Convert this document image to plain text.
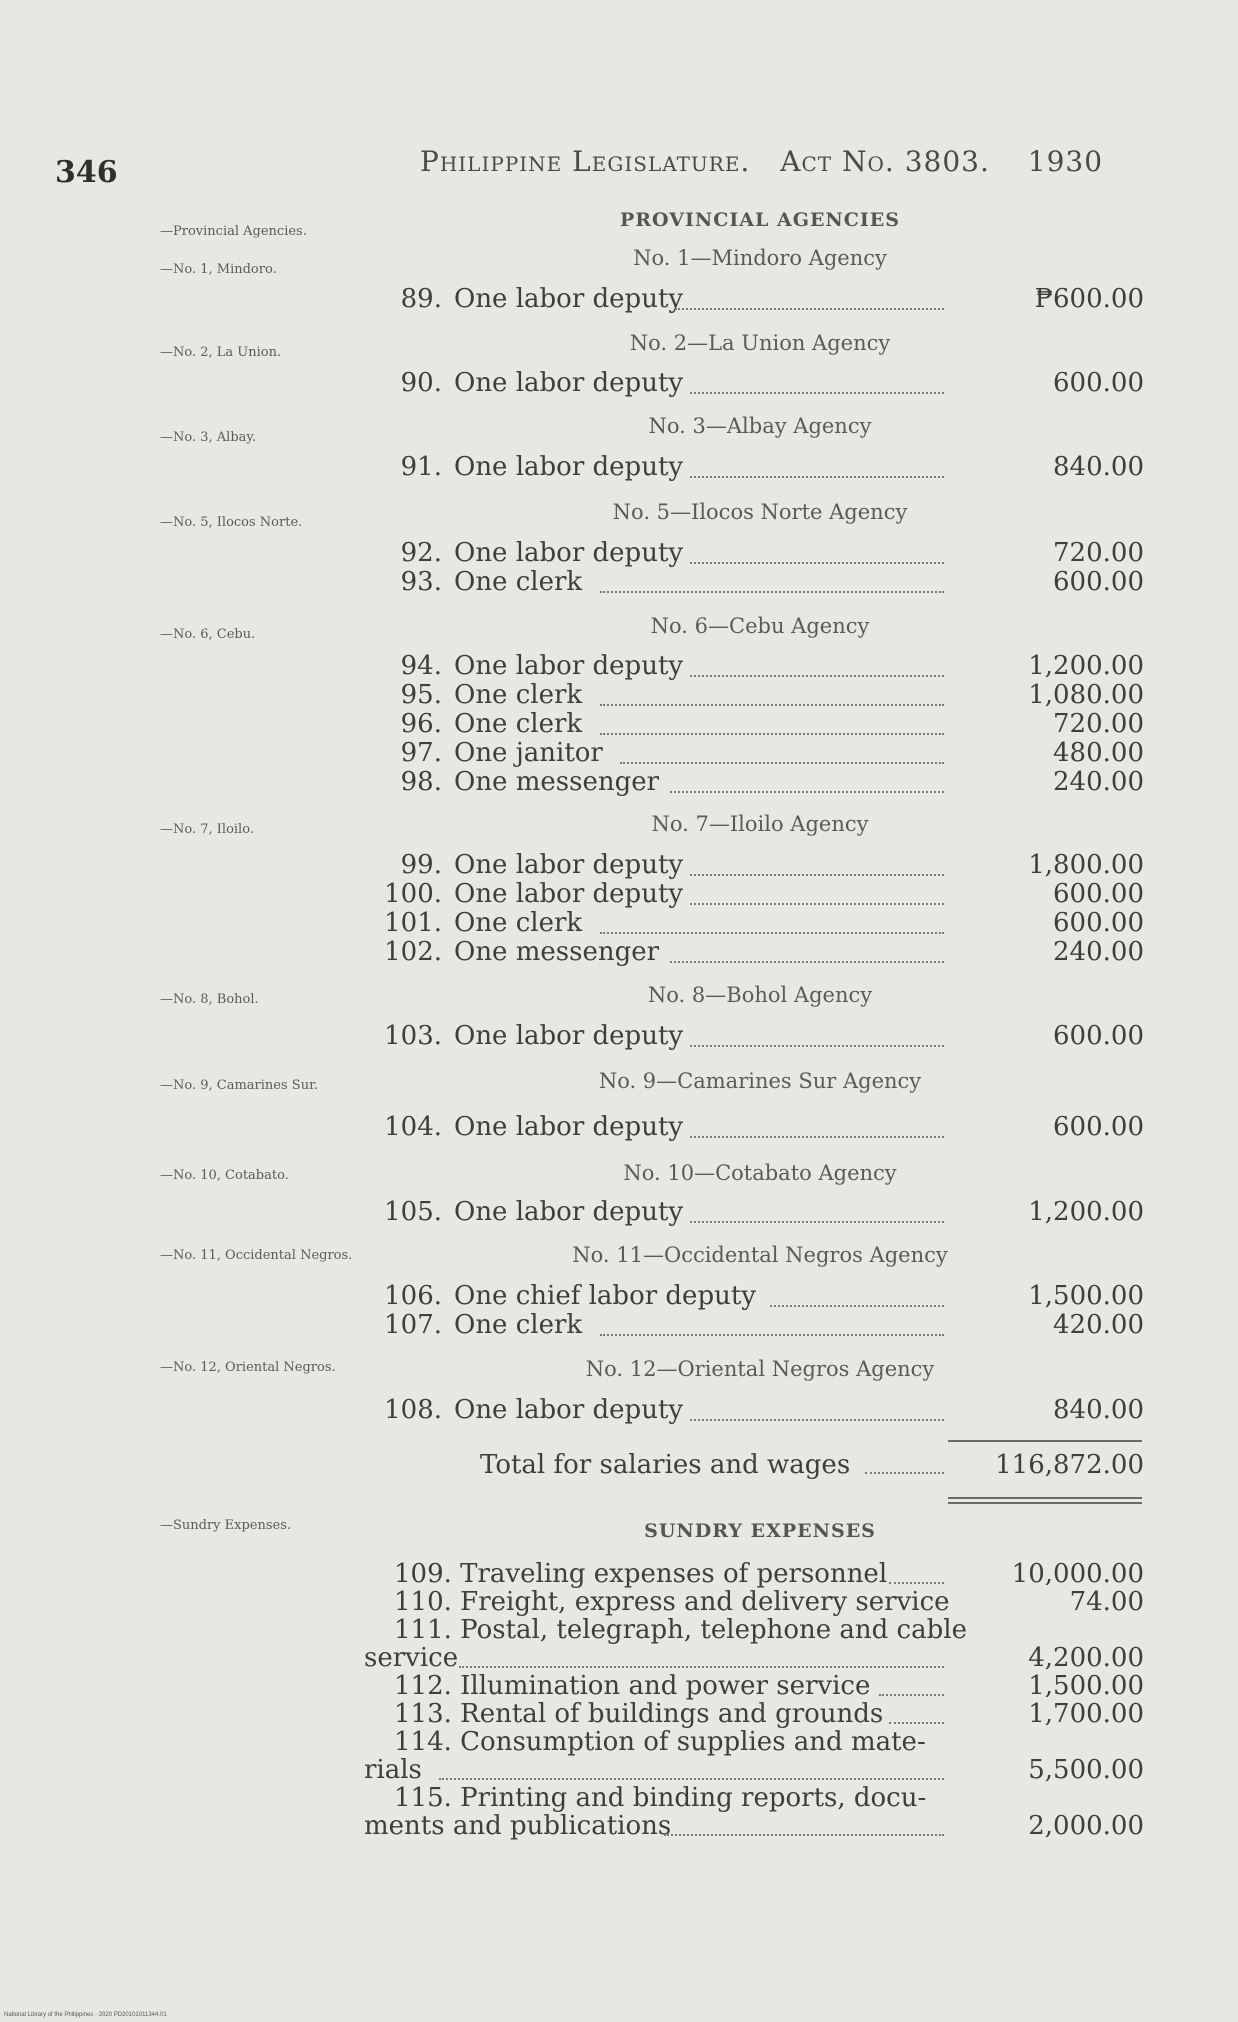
346	Philippine Legislature. Act No. 3803. 1930
—Provincial Agencies.
—No. 1, Mindoro.
—No. 2, La Union.
—No. 3, Albay.
—No. 5, Ilocos Norte.
—No. 6, Cebu.
—No. 7, Iloilo.
—No. 8, Bohol.
—No. 9, Camarines Sur.
—No. 10, Cotabato.
—No. 11, Occidental Negros.
—No. 12, Oriental Negros.
—Sundry Expenses.
PROVINCIAL AGENCIES
No. 1—Mindoro Agency
No. 2—La Union Agency
No. 3—Albay Agency
No. 5—Ilocos Norte Agency
No. 6—Cebu Agency
No. 7—Iloilo Agency
No. 8—Bohol Agency
No. 9—Camarines Sur Agency
No. 10—Cotabato Agency
No. 11—Occidental Negros Agency
No. 12—Oriental Negros Agency
89. One labor deputy	₱600.00
90. One labor deputy	600.00
91. One labor deputy	840.00
92. One labor deputy	720.00
93. One clerk	600.00
94. One labor deputy	1,200.00
95. One clerk	1,080.00
96. One clerk	720.00
97. One janitor	480.00
98. One messenger	240.00
99. One labor deputy	1,800.00
100. One labor deputy	600.00
101. One clerk	600.00
102. One messenger	240.00
103. One labor deputy	600.00
104. One labor deputy	600.00
105. One labor deputy	1,200.00
106. One chief labor deputy	1,500.00
107. One clerk	420.00
108. One labor deputy	840.00
Total for salaries and wages	116,872.00
SUNDRY EXPENSES
109. Traveling expenses of personnel	10,000.00
110. Freight, express and delivery service	74.00
111. Postal, telegraph, telephone and cable
service	4,200.00
112. Illumination and power service	1,500.00
113. Rental of buildings and grounds	1,700.00
114. Consumption of supplies and mate-
rials	5,500.00
115. Printing and binding reports, docu-
ments and publications	2,000.00
National Library of the Philippines · 2020 PD20101011344.01
